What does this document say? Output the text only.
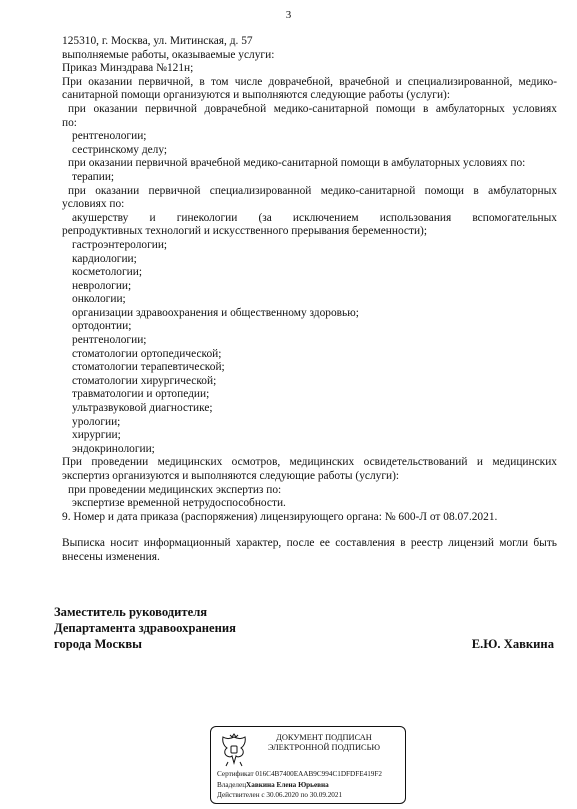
3

125310, г. Москва, ул. Митинская, д. 57

выполняемые работы, оказываемые услуги:

Приказ Минздрава №121н;

При оказании первичной, в том числе доврачебной, врачебной и специализированной, медико-

санитарной помощи организуются и выполняются следующие работы (услуги):

при оказании первичной доврачебной медико-санитарной помощи в амбулаторных условиях

по:

рентгенологии;

сестринскому делу;

при оказании первичной врачебной медико-санитарной помощи в амбулаторных условиях по:

терапии;

при оказании первичной специализированной медико-санитарной помощи в амбулаторных

условиях по:

акушерству и гинекологии (за исключением использования вспомогательных

репродуктивных технологий и искусственного прерывания беременности);

гастроэнтерологии;

кардиологии;

косметологии;

неврологии;

онкологии;

организации здравоохранения и общественному здоровью;

ортодонтии;

рентгенологии;

стоматологии ортопедической;

стоматологии терапевтической;

стоматологии хирургической;

травматологии и ортопедии;

ультразвуковой диагностике;

урологии;

хирургии;

эндокринологии;

При проведении медицинских осмотров, медицинских освидетельствований и медицинских

экспертиз организуются и выполняются следующие работы (услуги):

при проведении медицинских экспертиз по:

экспертизе временной нетрудоспособности.

9. Номер и дата приказа (распоряжения) лицензирующего органа: № 600-Л от 08.07.2021.

Выписка носит информационный характер, после ее составления в реестр лицензий могли быть

внесены изменения.

Заместитель руководителя

Департамента здравоохранения

города Москвы	Е.Ю. Хавкина
ДОКУМЕНТ ПОДПИСАН
ЭЛЕКТРОННОЙ ПОДПИСЬЮ
Сертификат 016C4B7400EAAB9C994C1DFDFE419F2
ВладелецХавкина Елена Юрьевна
Действителен с 30.06.2020 по 30.09.2021
